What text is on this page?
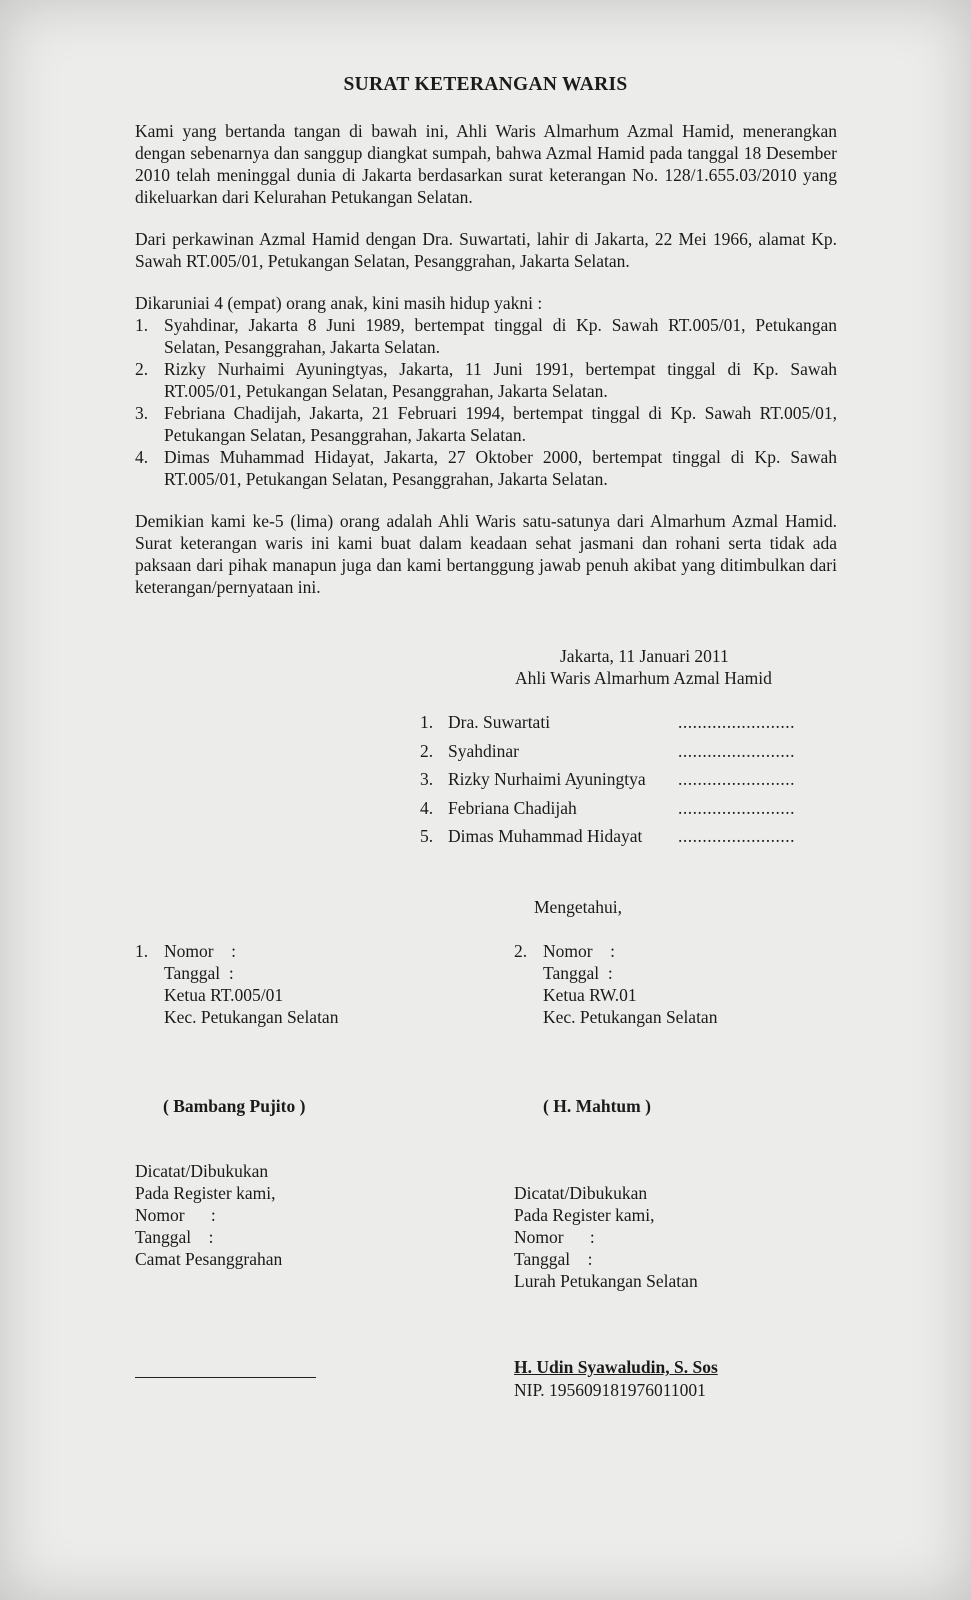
SURAT KETERANGAN WARIS

Kami yang bertanda tangan di bawah ini, Ahli Waris Almarhum Azmal Hamid, menerangkan dengan sebenarnya dan sanggup diangkat sumpah, bahwa Azmal Hamid pada tanggal 18 Desember 2010 telah meninggal dunia di Jakarta berdasarkan surat keterangan No. 128/1.655.03/2010 yang dikeluarkan dari Kelurahan Petukangan Selatan.

Dari perkawinan Azmal Hamid dengan Dra. Suwartati, lahir di Jakarta, 22 Mei 1966, alamat Kp. Sawah RT.005/01, Petukangan Selatan, Pesanggrahan, Jakarta Selatan.

Dikaruniai 4 (empat) orang anak, kini masih hidup yakni :

1. Syahdinar, Jakarta 8 Juni 1989, bertempat tinggal di Kp. Sawah RT.005/01, Petukangan Selatan, Pesanggrahan, Jakarta Selatan.
2. Rizky Nurhaimi Ayuningtyas, Jakarta, 11 Juni 1991, bertempat tinggal di Kp. Sawah RT.005/01, Petukangan Selatan, Pesanggrahan, Jakarta Selatan.
3. Febriana Chadijah, Jakarta, 21 Februari 1994, bertempat tinggal di Kp. Sawah RT.005/01, Petukangan Selatan, Pesanggrahan, Jakarta Selatan.
4. Dimas Muhammad Hidayat, Jakarta, 27 Oktober 2000, bertempat tinggal di Kp. Sawah RT.005/01, Petukangan Selatan, Pesanggrahan, Jakarta Selatan.

Demikian kami ke-5 (lima) orang adalah Ahli Waris satu-satunya dari Almarhum Azmal Hamid. Surat keterangan waris ini kami buat dalam keadaan sehat jasmani dan rohani serta tidak ada paksaan dari pihak manapun juga dan kami bertanggung jawab penuh akibat yang ditimbulkan dari keterangan/pernyataan ini.

Jakarta, 11 Januari 2011
Ahli Waris Almarhum Azmal Hamid
1. Dra. Suwartati	........................
2. Syahdinar	........................
3. Rizky Nurhaimi Ayuningtya ........................
4. Febriana Chadijah	........................
5. Dimas Muhammad Hidayat ........................
Mengetahui,
1. Nomor    :
Tanggal  :
Ketua RT.005/01
Kec. Petukangan Selatan
2. Nomor    :
Tanggal  :
Ketua RW.01
Kec. Petukangan Selatan
( Bambang Pujito )	( H. Mahtum )
Dicatat/Dibukukan
Pada Register kami,
Nomor      :
Tanggal    :
Camat Pesanggrahan
Dicatat/Dibukukan
Pada Register kami,
Nomor      :
Tanggal    :
Lurah Petukangan Selatan
H. Udin Syawaludin, S. Sos
NIP. 195609181976011001
